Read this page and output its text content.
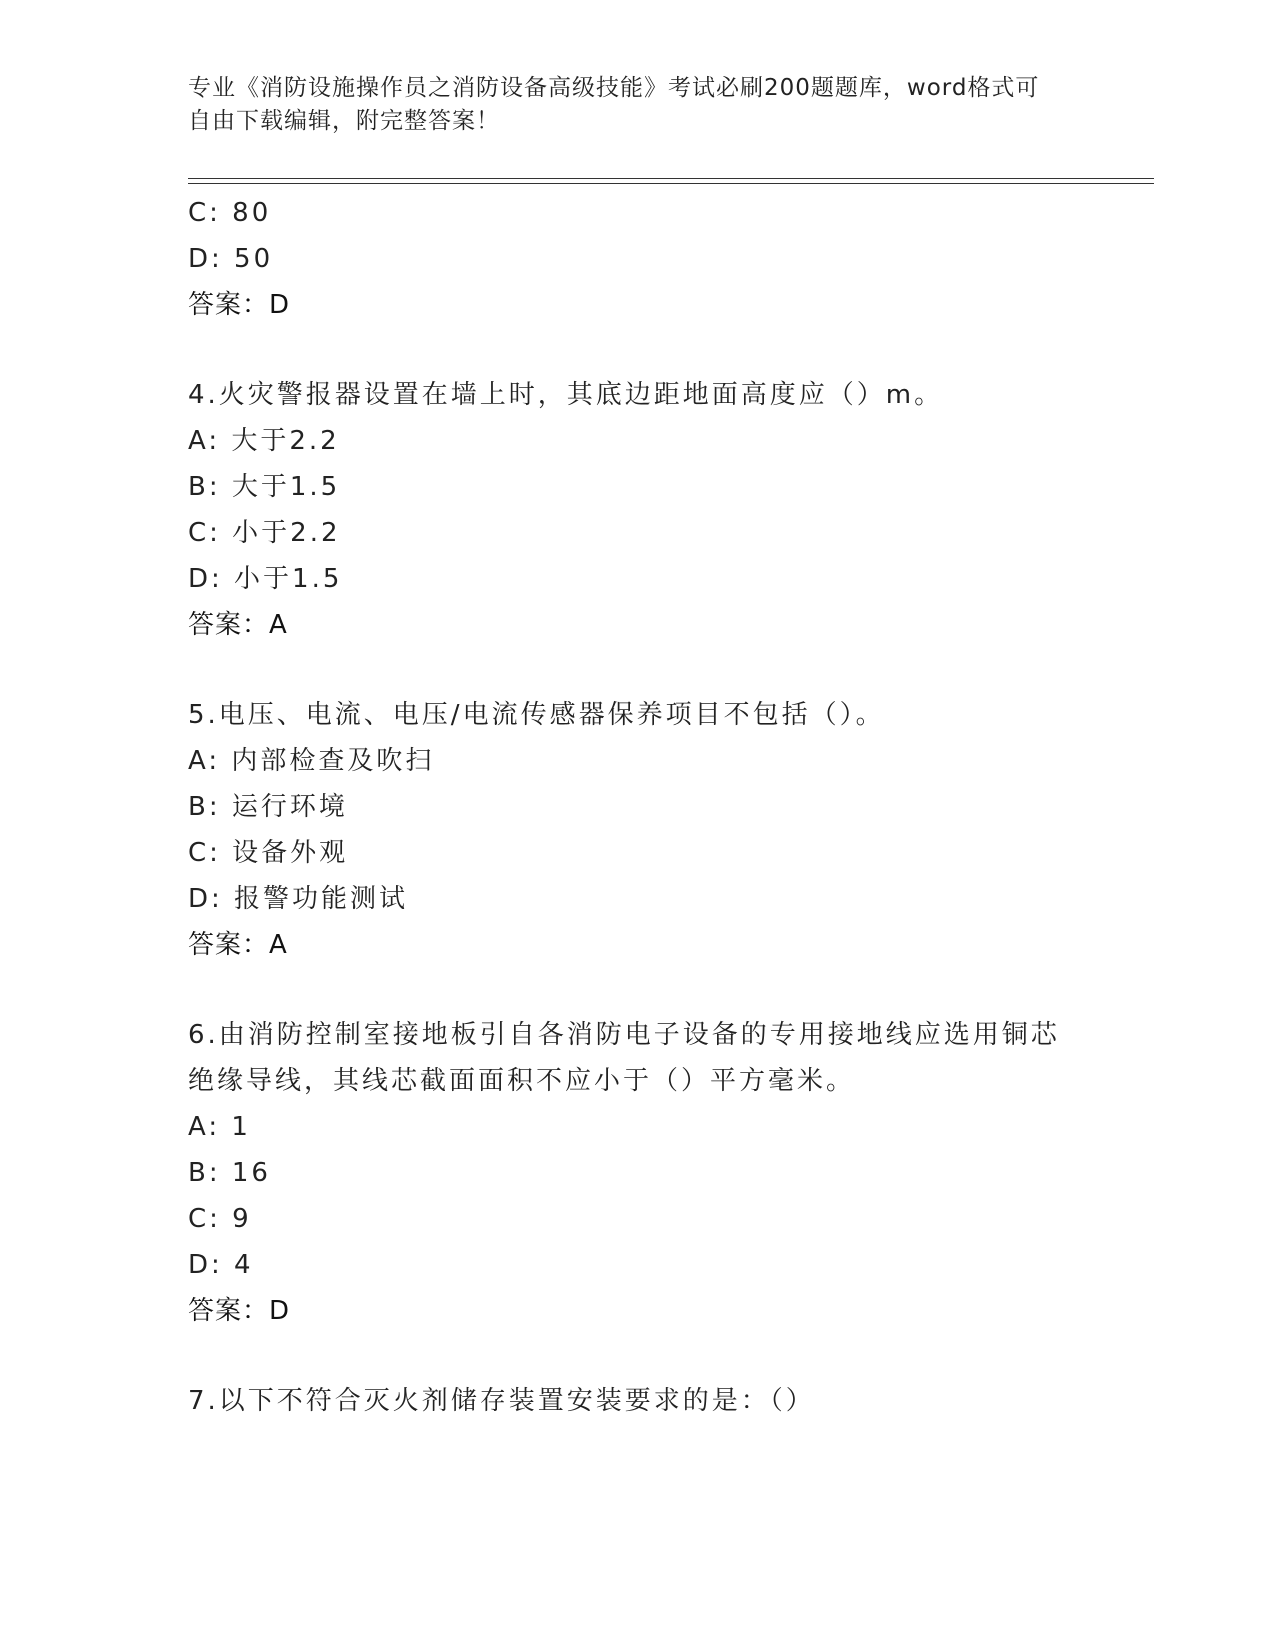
专业《消防设施操作员之消防设备高级技能》考试必刷200题题库，word格式可
自由下载编辑，附完整答案！
C: 80
D: 50
答案：D
4.火灾警报器设置在墙上时，其底边距地面高度应（）m。
A: 大于2.2
B: 大于1.5
C: 小于2.2
D: 小于1.5
答案：A
5.电压、电流、电压/电流传感器保养项目不包括（）。
A: 内部检查及吹扫
B: 运行环境
C: 设备外观
D: 报警功能测试
答案：A
6.由消防控制室接地板引自各消防电子设备的专用接地线应选用铜芯
绝缘导线，其线芯截面面积不应小于（）平方毫米。
A: 1
B: 16
C: 9
D: 4
答案：D
7.以下不符合灭火剂储存装置安装要求的是：（）
